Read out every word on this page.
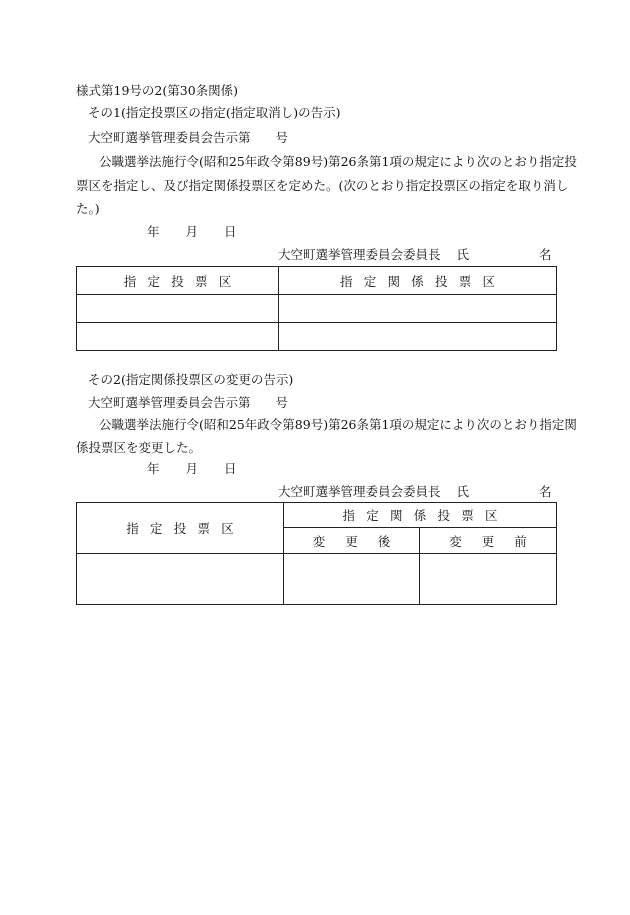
様式第19号の2(第30条関係)
その1(指定投票区の指定(指定取消し)の告示)
大空町選挙管理委員会告示第　　号
公職選挙法施行令(昭和25年政令第89号)第26条第1項の規定により次のとおり指定投
票区を指定し、及び指定関係投票区を定めた。(次のとおり指定投票区の指定を取り消し
た。)
年 月 日
大空町選挙管理委員会委員長 氏	名
指定投票区	指定関係投票区

その2(指定関係投票区の変更の告示)
大空町選挙管理委員会告示第　　号
公職選挙法施行令(昭和25年政令第89号)第26条第1項の規定により次のとおり指定関
係投票区を変更した。
年 月 日
大空町選挙管理委員会委員長 氏	名
指定投票区	指定関係投票区	
	変更後	変更前
